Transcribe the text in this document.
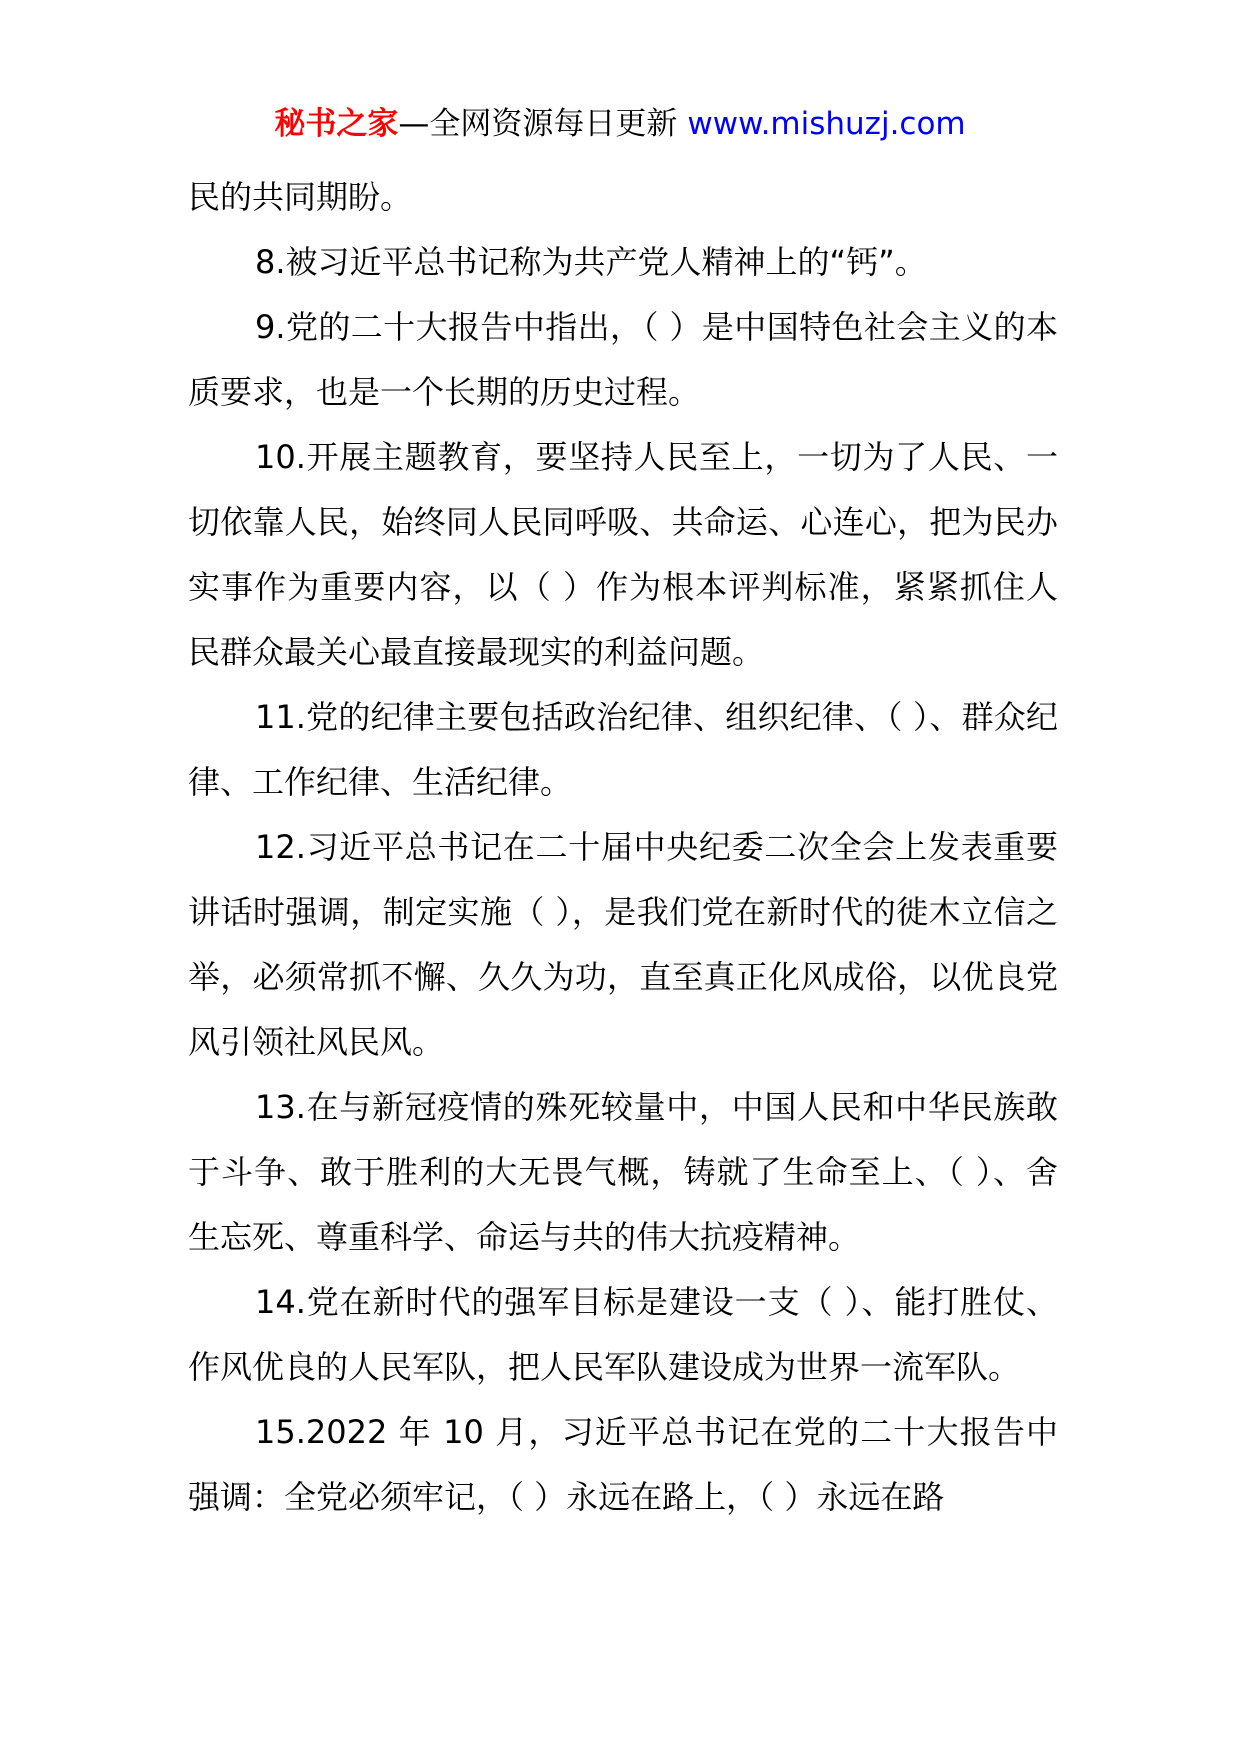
秘书之家—全网资源每日更新 www.mishuzj.com

民的共同期盼。

8.被习近平总书记称为共产党人精神上的“钙”。

9.党的二十大报告中指出，（ ）是中国特色社会主义的本质要求，也是一个长期的历史过程。

10.开展主题教育，要坚持人民至上，一切为了人民、一切依靠人民，始终同人民同呼吸、共命运、心连心，把为民办实事作为重要内容，以（ ）作为根本评判标准，紧紧抓住人民群众最关心最直接最现实的利益问题。

11.党的纪律主要包括政治纪律、组织纪律、（ ）、群众纪律、工作纪律、生活纪律。

12.习近平总书记在二十届中央纪委二次全会上发表重要讲话时强调，制定实施（ ），是我们党在新时代的徙木立信之举，必须常抓不懈、久久为功，直至真正化风成俗，以优良党风引领社风民风。

13.在与新冠疫情的殊死较量中，中国人民和中华民族敢于斗争、敢于胜利的大无畏气概，铸就了生命至上、（ ）、舍生忘死、尊重科学、命运与共的伟大抗疫精神。

14.党在新时代的强军目标是建设一支（ ）、能打胜仗、作风优良的人民军队，把人民军队建设成为世界一流军队。

15.2022 年 10 月，习近平总书记在党的二十大报告中强调：全党必须牢记，（ ）永远在路上，（ ）永远在路
